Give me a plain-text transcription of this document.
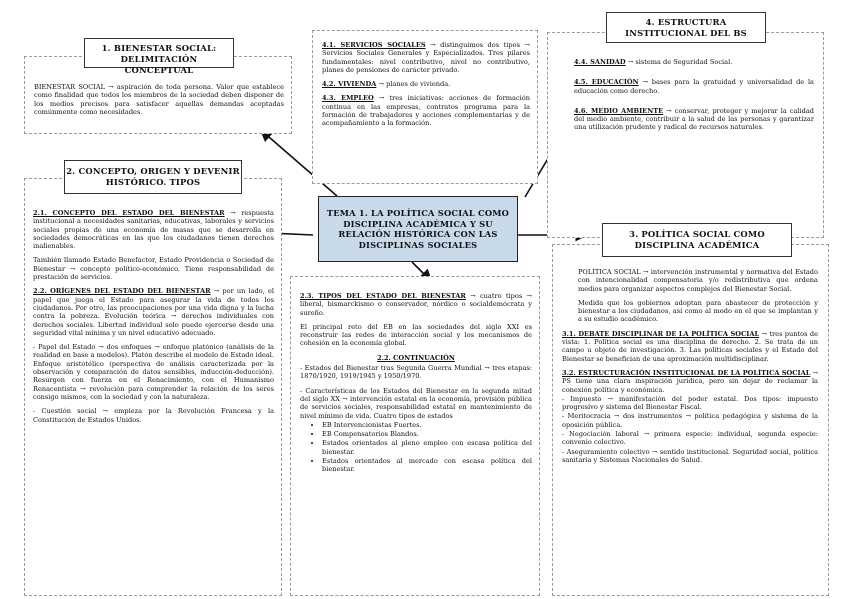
1. BIENESTAR SOCIAL: DELIMITACIÓN CONCEPTUAL
BIENESTAR SOCIAL → aspiración de toda persona. Valor que establece como finalidad que todos los miembros de la sociedad deben disponer de los medios precisos para satisfacer aquellas demandas aceptadas comúnmente como necesidades.
2. CONCEPTO, ORIGEN Y DEVENIR HISTÓRICO. TIPOS

2.1. CONCEPTO DEL ESTADO DEL BIENESTAR → respuesta institucional a necesidades sanitarias, educativas, laborales y servicios sociales propias de una economía de masas que se desarrolla en sociedades democráticas en las que los ciudadanos tienen derechos inalienables.

También llamado Estado Benefactor, Estado Providencia o Sociedad de Bienestar → concepto político-económico. Tiene responsabilidad de prestación de servicios.

2.2. ORÍGENES DEL ESTADO DEL BIENESTAR → por un lado, el papel que juega el Estado para asegurar la vida de todos los ciudadanos. Por otro, las preocupaciones por una vida digna y la lucha contra la pobreza. Evolución teórica → derechos individuales con derechos sociales. Libertad individual solo puede ejercerse desde una seguridad vital mínima y un nivel educativo adecuado.

- Papel del Estado → dos enfoques → enfoque platónico (análisis de la realidad en base a modelos). Platón describe el modelo de Estado ideal. Enfoque aristotélico (perspectiva de análisis caracterizada por la observación y comparación de datos sensibles, inducción-deducción). Resurgen con fuerza en el Renacimiento, con el Humanismo Renacentista → revolución para comprender la relación de los seres consigo mismos, con la sociedad y con la naturaleza.

- Cuestión social → empieza por la Revolución Francesa y la Constitución de Estados Unidos.

4.1. SERVICIOS SOCIALES → distinguimos dos tipos → Servicios Sociales Generales y Especializados. Tres pilares fundamentales: nivel contributivo, nivel no contributivo, planes de pensiones de carácter privado.

4.2. VIVIENDA → planes de vivienda.

4.3. EMPLEO → tres iniciativas: acciones de formación continua en las empresas, contratos programa para la formación de trabajadores y acciones complementarias y de acompañamiento a la formación.

TEMA 1. LA POLÍTICA SOCIAL COMO DISCIPLINA ACADÉMICA Y SU RELACIÓN HISTÓRICA CON LAS DISCIPLINAS SOCIALES

2.3. TIPOS DEL ESTADO DEL BIENESTAR → cuatro tipos → liberal, bismarckismo o conservador, nórdico o socialdemócrata y sureño.

El principal reto del EB en las sociedades del siglo XXI es reconstruir las redes de interacción social y los mecanismos de cohesión en la economía global.

2.2. CONTINUACIÓN

- Estados del Bienestar tras Segunda Guerra Mundial → tres etapas: 1870/1920, 1919/1945 y 1950/1970.

- Características de los Estados del Bienestar en la segunda mitad del siglo XX → intervención estatal en la economía, provisión pública de servicios sociales, responsabilidad estatal en mantenimiento de nivel mínimo de vida. Cuatro tipos de estados

• EB Intervencionistas Fuertes.
• EB Compensatorios Blandos.
• Estados orientados al pleno empleo con escasa política del bienestar.
• Estados orientados al mercado con escasa política del bienestar.
4. ESTRUCTURA INSTITUCIONAL DEL BS

4.4. SANIDAD → sistema de Seguridad Social.

4.5. EDUCACIÓN → bases para la gratuidad y universalidad de la educación como derecho.

4.6. MEDIO AMBIENTE → conservar, proteger y mejorar la calidad del medio ambiente, contribuir a la salud de las personas y garantizar una utilización prudente y radical de recursos naturales.

3. POLÍTICA SOCIAL COMO DISCIPLINA ACADÉMICA

POLÍTICA SOCIAL → intervención instrumental y normativa del Estado con intencionalidad compensatoria y/o redistributiva que ordena medios para organizar aspectos complejos del Bienestar Social.

Medida que los gobiernos adoptan para abastecer de protección y bienestar a los ciudadanos, así como al modo en el que se implantan y a su estudio académico.

3.1. DEBATE DISCIPLINAR DE LA POLÍTICA SOCIAL → tres puntos de vista: 1. Política social es una disciplina de derecho. 2. Se trata de un campo u objeto de investigación. 3. Las políticas sociales y el Estado del Bienestar se benefician de una aproximación multidisciplinar.

3.2. ESTRUCTURACIÓN INSTITUCIONAL DE LA POLÍTICA SOCIAL → PS tiene una clara inspiración jurídica, pero sin dejar de reclamar la conexión política y económica.

- Impuesto → manifestación del poder estatal. Dos tipos: impuesto progresivo y sistema del Bienestar Fiscal.

- Meritocracia → dos instrumentos → política pedagógica y sistema de la oposición pública.

- Negociación laboral → primera especie: individual, segunda especie: convenio colectivo.

- Aseguramiento colectivo → sentido institucional. Seguridad social, política sanitaria y Sistemas Nacionales de Salud.
